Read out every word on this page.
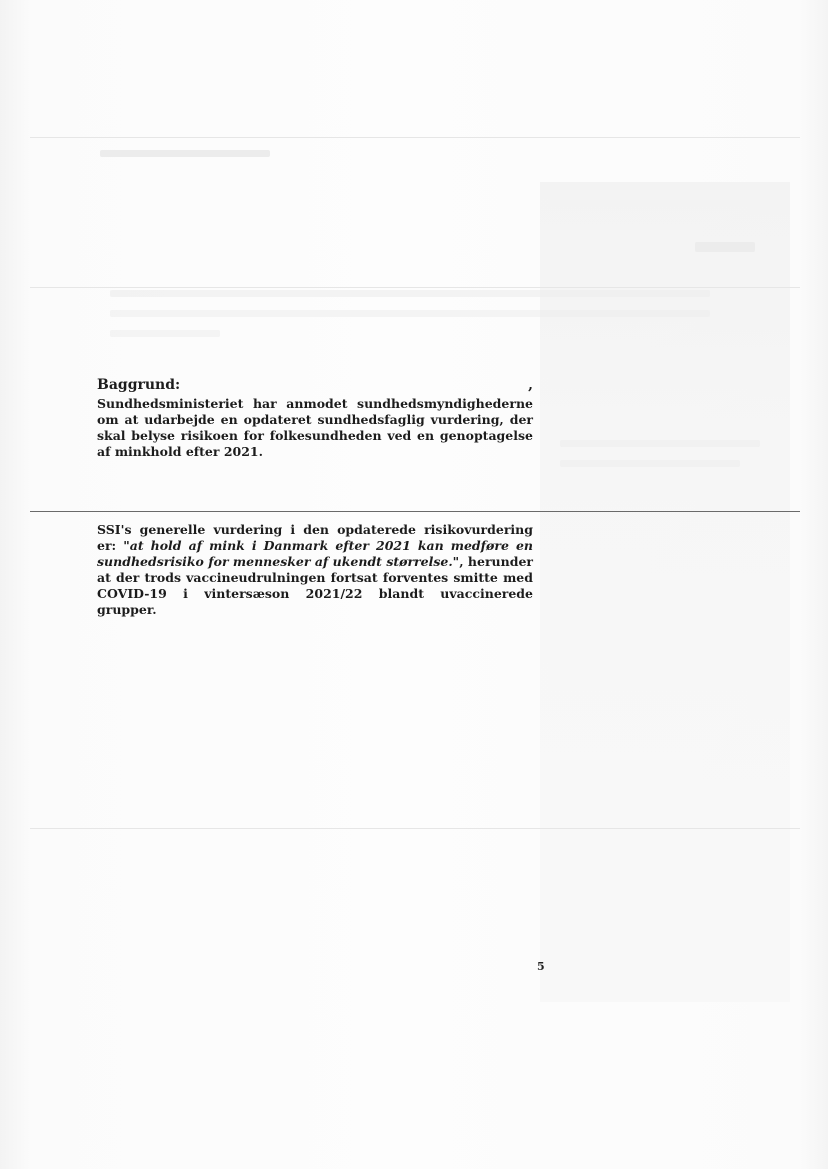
Baggrund:	,

Sundhedsministeriet har anmodet sundhedsmyndighederne om at udarbejde en opdateret sundhedsfaglig vurdering, der skal belyse risikoen for folkesundheden ved en genoptagelse af minkhold efter 2021.

SSI's generelle vurdering i den opdaterede risikovurdering er: "at hold af mink i Danmark efter 2021 kan medføre en sundhedsrisiko for mennesker af ukendt størrelse.", herunder at der trods vaccineudrulningen fortsat forventes smitte med COVID-19 i vintersæson 2021/22 blandt uvaccinerede grupper.

5
